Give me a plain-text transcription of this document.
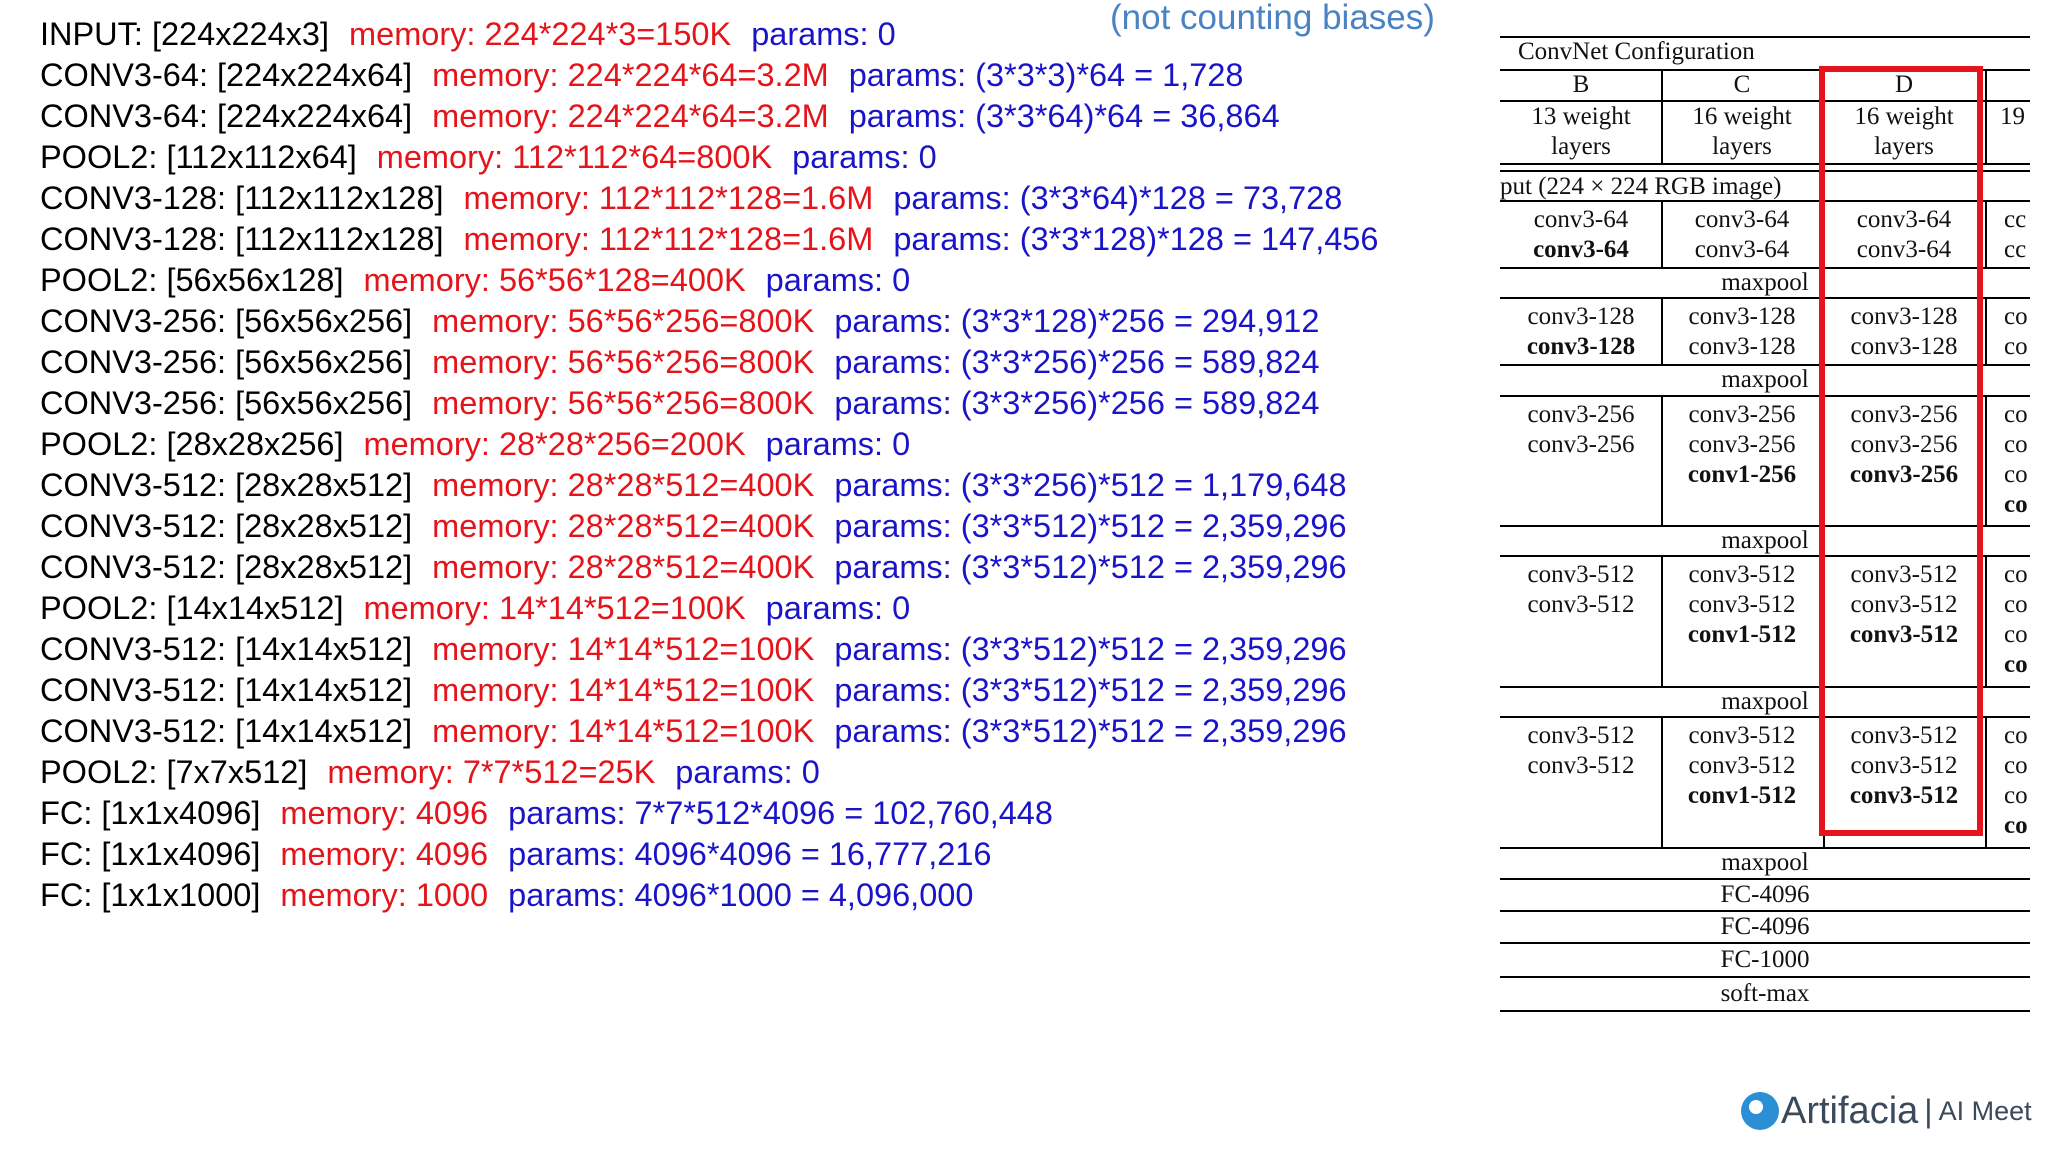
INPUT: [224x224x3] memory: 224*224*3=150K params: 0
CONV3-64: [224x224x64] memory: 224*224*64=3.2M params: (3*3*3)*64 = 1,728
CONV3-64: [224x224x64] memory: 224*224*64=3.2M params: (3*3*64)*64 = 36,864
POOL2: [112x112x64] memory: 112*112*64=800K params: 0
CONV3-128: [112x112x128] memory: 112*112*128=1.6M params: (3*3*64)*128 = 73,728
CONV3-128: [112x112x128] memory: 112*112*128=1.6M params: (3*3*128)*128 = 147,456
POOL2: [56x56x128] memory: 56*56*128=400K params: 0
CONV3-256: [56x56x256] memory: 56*56*256=800K params: (3*3*128)*256 = 294,912
CONV3-256: [56x56x256] memory: 56*56*256=800K params: (3*3*256)*256 = 589,824
CONV3-256: [56x56x256] memory: 56*56*256=800K params: (3*3*256)*256 = 589,824
POOL2: [28x28x256] memory: 28*28*256=200K params: 0
CONV3-512: [28x28x512] memory: 28*28*512=400K params: (3*3*256)*512 = 1,179,648
CONV3-512: [28x28x512] memory: 28*28*512=400K params: (3*3*512)*512 = 2,359,296
CONV3-512: [28x28x512] memory: 28*28*512=400K params: (3*3*512)*512 = 2,359,296
POOL2: [14x14x512] memory: 14*14*512=100K params: 0
CONV3-512: [14x14x512] memory: 14*14*512=100K params: (3*3*512)*512 = 2,359,296
CONV3-512: [14x14x512] memory: 14*14*512=100K params: (3*3*512)*512 = 2,359,296
CONV3-512: [14x14x512] memory: 14*14*512=100K params: (3*3*512)*512 = 2,359,296
POOL2: [7x7x512] memory: 7*7*512=25K params: 0
FC: [1x1x4096] memory: 4096 params: 7*7*512*4096 = 102,760,448
FC: [1x1x4096] memory: 4096 params: 4096*4096 = 16,777,216
FC: [1x1x1000] memory: 1000 params: 4096*1000 = 4,096,000
(not counting biases)
ConvNet Configuration
B	C	D
13 weight
layers
16 weight
layers
16 weight
layers
19
put (224 × 224 RGB image)
conv3-64
conv3-64
conv3-64
conv3-64
conv3-64
conv3-64
cc
cc
maxpool
conv3-128
conv3-128
conv3-128
conv3-128
conv3-128
conv3-128
co
co
maxpool
conv3-256
conv3-256
conv3-256
conv3-256
conv1-256
conv3-256
conv3-256
conv3-256
co
co
co
co
maxpool
conv3-512
conv3-512
conv3-512
conv3-512
conv1-512
conv3-512
conv3-512
conv3-512
co
co
co
co
maxpool
conv3-512
conv3-512
conv3-512
conv3-512
conv1-512
conv3-512
conv3-512
conv3-512
co
co
co
co
maxpool
FC-4096
FC-4096
FC-1000
soft-max
Artifacia | AI Meet
